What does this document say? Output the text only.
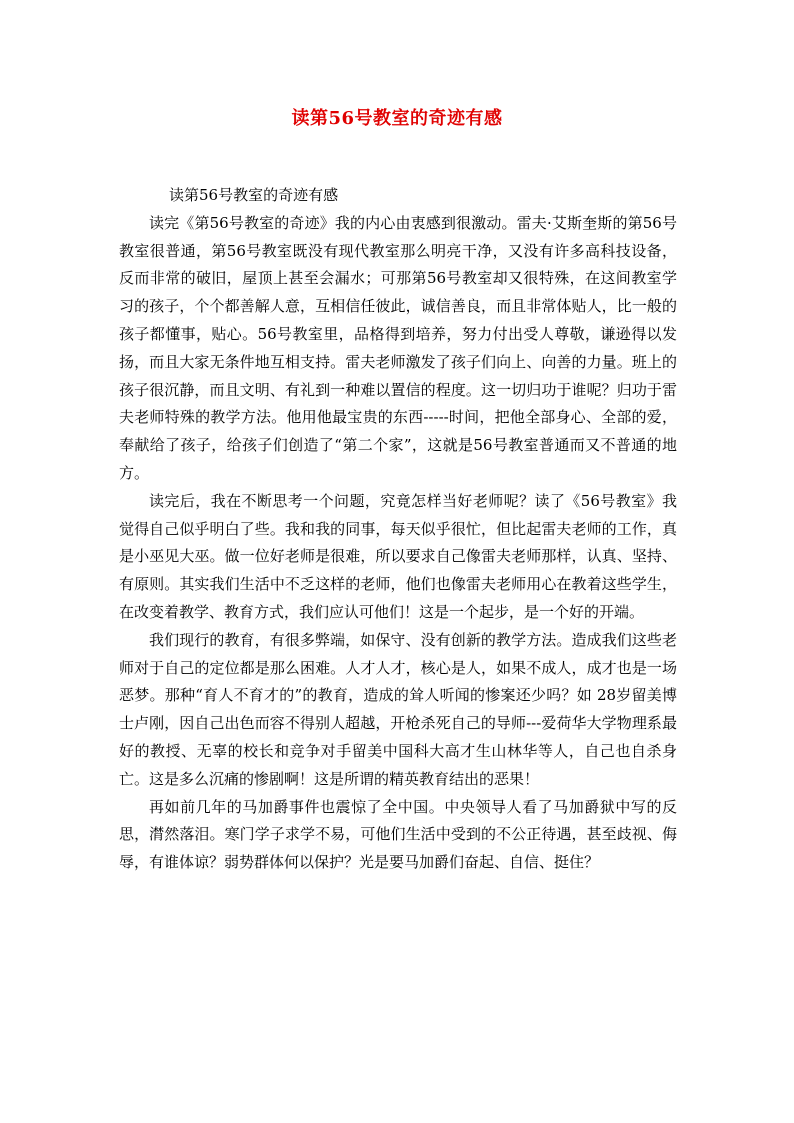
读第56号教室的奇迹有感

读第56号教室的奇迹有感

读完《第56号教室的奇迹》我的内心由衷感到很激动。雷夫·艾斯奎斯的第56号教室很普通，第56号教室既没有现代教室那么明亮干净，又没有许多高科技设备，反而非常的破旧，屋顶上甚至会漏水；可那第56号教室却又很特殊，在这间教室学习的孩子，个个都善解人意，互相信任彼此，诚信善良，而且非常体贴人，比一般的孩子都懂事，贴心。56号教室里，品格得到培养，努力付出受人尊敬，谦逊得以发扬，而且大家无条件地互相支持。雷夫老师激发了孩子们向上、向善的力量。班上的孩子很沉静，而且文明、有礼到一种难以置信的程度。这一切归功于谁呢？归功于雷夫老师特殊的教学方法。他用他最宝贵的东西-----时间，把他全部身心、全部的爱，奉献给了孩子，给孩子们创造了“第二个家”，这就是56号教室普通而又不普通的地方。

读完后，我在不断思考一个问题，究竟怎样当好老师呢？读了《56号教室》我觉得自己似乎明白了些。我和我的同事，每天似乎很忙，但比起雷夫老师的工作，真是小巫见大巫。做一位好老师是很难，所以要求自己像雷夫老师那样，认真、坚持、有原则。其实我们生活中不乏这样的老师，他们也像雷夫老师用心在教着这些学生，在改变着教学、教育方式，我们应认可他们！这是一个起步，是一个好的开端。

我们现行的教育，有很多弊端，如保守、没有创新的教学方法。造成我们这些老师对于自己的定位都是那么困难。人才人才，核心是人，如果不成人，成才也是一场恶梦。那种“育人不育才的”的教育，造成的耸人听闻的惨案还少吗？如 28岁留美博士卢刚，因自己出色而容不得别人超越，开枪杀死自己的导师---爱荷华大学物理系最好的教授、无辜的校长和竞争对手留美中国科大高才生山林华等人，自己也自杀身亡。这是多么沉痛的惨剧啊！这是所谓的精英教育结出的恶果！

再如前几年的马加爵事件也震惊了全中国。中央领导人看了马加爵狱中写的反思，潸然落泪。寒门学子求学不易，可他们生活中受到的不公正待遇，甚至歧视、侮辱，有谁体谅？弱势群体何以保护？光是要马加爵们奋起、自信、挺住？
